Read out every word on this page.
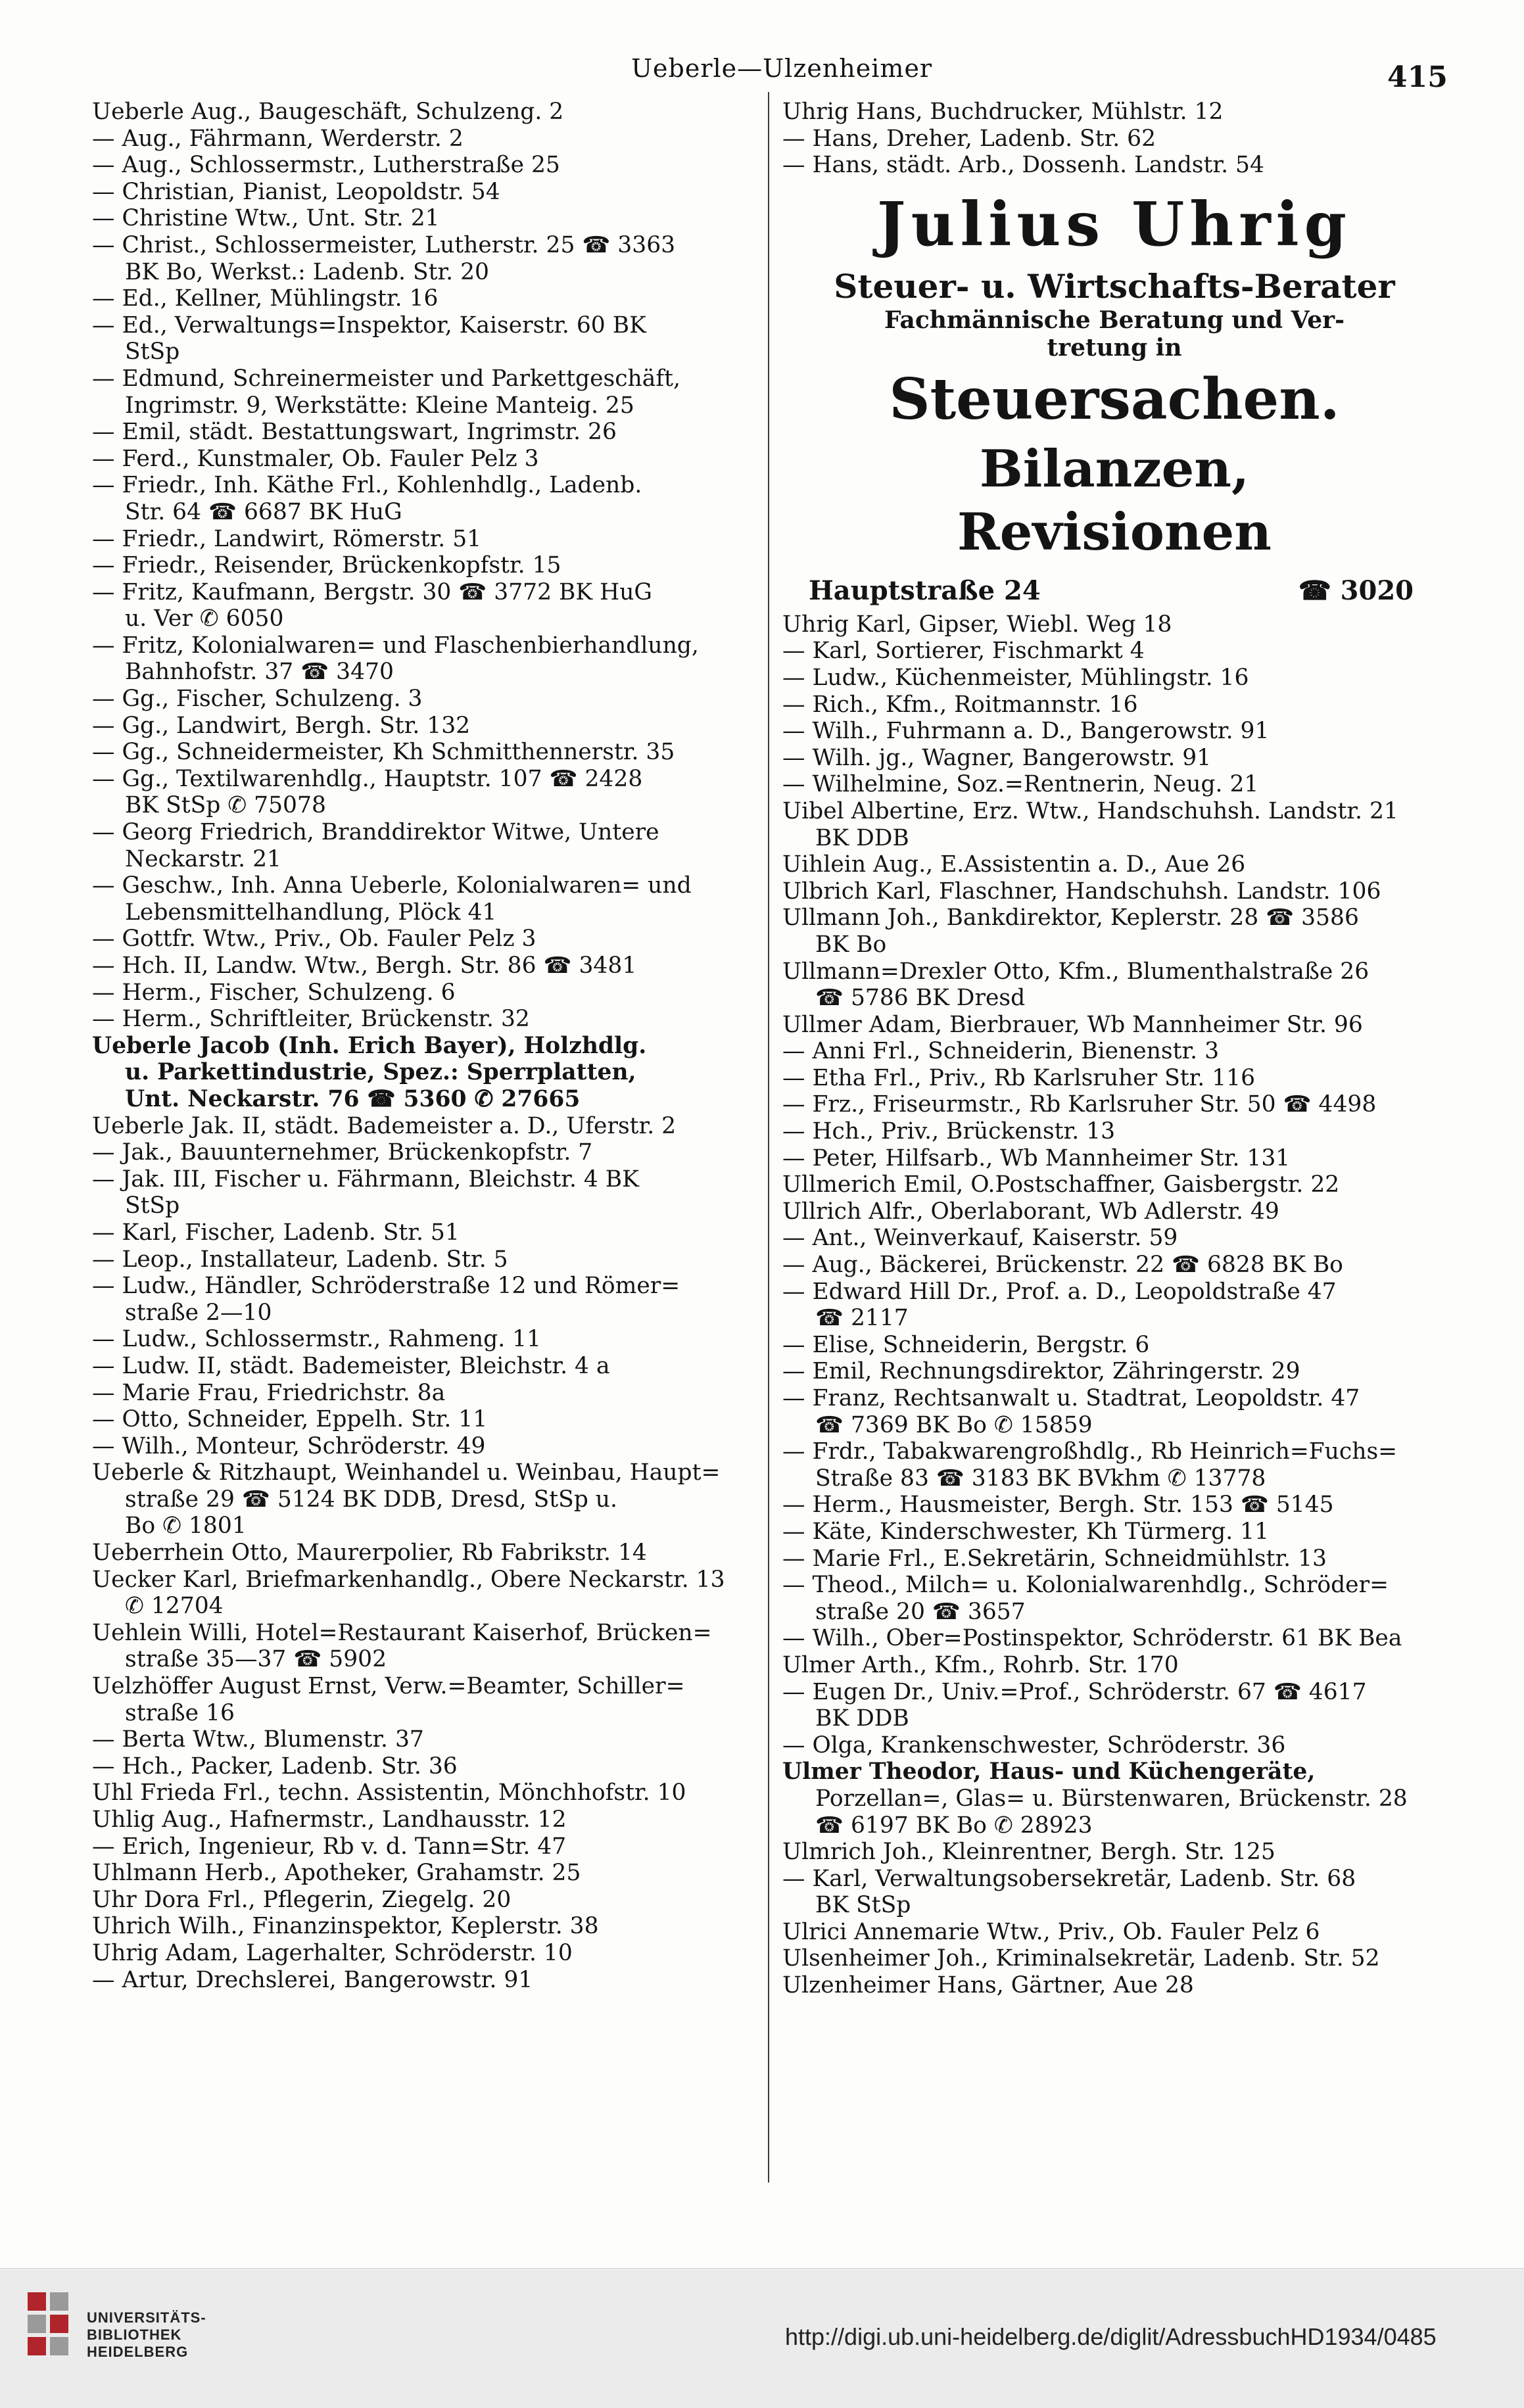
Ueberle—Ulzenheimer	415
Ueberle Aug., Baugeschäft, Schulzeng. 2
— Aug., Fährmann, Werderstr. 2
— Aug., Schlossermstr., Lutherstraße 25
— Christian, Pianist, Leopoldstr. 54
— Christine Wtw., Unt. Str. 21
— Christ., Schlossermeister, Lutherstr. 25 ☎ 3363
BK Bo, Werkst.: Ladenb. Str. 20
— Ed., Kellner, Mühlingstr. 16
— Ed., Verwaltungs=Inspektor, Kaiserstr. 60 BK
StSp
— Edmund, Schreinermeister und Parkettgeschäft,
Ingrimstr. 9, Werkstätte: Kleine Manteig. 25
— Emil, städt. Bestattungswart, Ingrimstr. 26
— Ferd., Kunstmaler, Ob. Fauler Pelz 3
— Friedr., Inh. Käthe Frl., Kohlenhdlg., Ladenb.
Str. 64 ☎ 6687 BK HuG
— Friedr., Landwirt, Römerstr. 51
— Friedr., Reisender, Brückenkopfstr. 15
— Fritz, Kaufmann, Bergstr. 30 ☎ 3772 BK HuG
u. Ver ✆ 6050
— Fritz, Kolonialwaren= und Flaschenbierhandlung,
Bahnhofstr. 37 ☎ 3470
— Gg., Fischer, Schulzeng. 3
— Gg., Landwirt, Bergh. Str. 132
— Gg., Schneidermeister, Kh Schmitthennerstr. 35
— Gg., Textilwarenhdlg., Hauptstr. 107 ☎ 2428
BK StSp ✆ 75078
— Georg Friedrich, Branddirektor Witwe, Untere
Neckarstr. 21
— Geschw., Inh. Anna Ueberle, Kolonialwaren= und
Lebensmittelhandlung, Plöck 41
— Gottfr. Wtw., Priv., Ob. Fauler Pelz 3
— Hch. II, Landw. Wtw., Bergh. Str. 86 ☎ 3481
— Herm., Fischer, Schulzeng. 6
— Herm., Schriftleiter, Brückenstr. 32
Ueberle Jacob (Inh. Erich Bayer), Holzhdlg.
u. Parkettindustrie, Spez.: Sperrplatten,
Unt. Neckarstr. 76 ☎ 5360 ✆ 27665
Ueberle Jak. II, städt. Bademeister a. D., Uferstr. 2
— Jak., Bauunternehmer, Brückenkopfstr. 7
— Jak. III, Fischer u. Fährmann, Bleichstr. 4 BK
StSp
— Karl, Fischer, Ladenb. Str. 51
— Leop., Installateur, Ladenb. Str. 5
— Ludw., Händler, Schröderstraße 12 und Römer=
straße 2—10
— Ludw., Schlossermstr., Rahmeng. 11
— Ludw. II, städt. Bademeister, Bleichstr. 4 a
— Marie Frau, Friedrichstr. 8a
— Otto, Schneider, Eppelh. Str. 11
— Wilh., Monteur, Schröderstr. 49
Ueberle & Ritzhaupt, Weinhandel u. Weinbau, Haupt=
straße 29 ☎ 5124 BK DDB, Dresd, StSp u.
Bo ✆ 1801
Ueberrhein Otto, Maurerpolier, Rb Fabrikstr. 14
Uecker Karl, Briefmarkenhandlg., Obere Neckarstr. 13
✆ 12704
Uehlein Willi, Hotel=Restaurant Kaiserhof, Brücken=
straße 35—37 ☎ 5902
Uelzhöffer August Ernst, Verw.=Beamter, Schiller=
straße 16
— Berta Wtw., Blumenstr. 37
— Hch., Packer, Ladenb. Str. 36
Uhl Frieda Frl., techn. Assistentin, Mönchhofstr. 10
Uhlig Aug., Hafnermstr., Landhausstr. 12
— Erich, Ingenieur, Rb v. d. Tann=Str. 47
Uhlmann Herb., Apotheker, Grahamstr. 25
Uhr Dora Frl., Pflegerin, Ziegelg. 20
Uhrich Wilh., Finanzinspektor, Keplerstr. 38
Uhrig Adam, Lagerhalter, Schröderstr. 10
— Artur, Drechslerei, Bangerowstr. 91
Uhrig Hans, Buchdrucker, Mühlstr. 12
— Hans, Dreher, Ladenb. Str. 62
— Hans, städt. Arb., Dossenh. Landstr. 54
Julius Uhrig
Steuer- u. Wirtschafts-Berater
Fachmännische Beratung und Ver-
tretung in
Steuersachen.
Bilanzen,
Revisionen
Hauptstraße 24	☎ 3020
Uhrig Karl, Gipser, Wiebl. Weg 18
— Karl, Sortierer, Fischmarkt 4
— Ludw., Küchenmeister, Mühlingstr. 16
— Rich., Kfm., Roitmannstr. 16
— Wilh., Fuhrmann a. D., Bangerowstr. 91
— Wilh. jg., Wagner, Bangerowstr. 91
— Wilhelmine, Soz.=Rentnerin, Neug. 21
Uibel Albertine, Erz. Wtw., Handschuhsh. Landstr. 21
BK DDB
Uihlein Aug., E.Assistentin a. D., Aue 26
Ulbrich Karl, Flaschner, Handschuhsh. Landstr. 106
Ullmann Joh., Bankdirektor, Keplerstr. 28 ☎ 3586
BK Bo
Ullmann=Drexler Otto, Kfm., Blumenthalstraße 26
☎ 5786 BK Dresd
Ullmer Adam, Bierbrauer, Wb Mannheimer Str. 96
— Anni Frl., Schneiderin, Bienenstr. 3
— Etha Frl., Priv., Rb Karlsruher Str. 116
— Frz., Friseurmstr., Rb Karlsruher Str. 50 ☎ 4498
— Hch., Priv., Brückenstr. 13
— Peter, Hilfsarb., Wb Mannheimer Str. 131
Ullmerich Emil, O.Postschaffner, Gaisbergstr. 22
Ullrich Alfr., Oberlaborant, Wb Adlerstr. 49
— Ant., Weinverkauf, Kaiserstr. 59
— Aug., Bäckerei, Brückenstr. 22 ☎ 6828 BK Bo
— Edward Hill Dr., Prof. a. D., Leopoldstraße 47
☎ 2117
— Elise, Schneiderin, Bergstr. 6
— Emil, Rechnungsdirektor, Zähringerstr. 29
— Franz, Rechtsanwalt u. Stadtrat, Leopoldstr. 47
☎ 7369 BK Bo ✆ 15859
— Frdr., Tabakwarengroßhdlg., Rb Heinrich=Fuchs=
Straße 83 ☎ 3183 BK BVkhm ✆ 13778
— Herm., Hausmeister, Bergh. Str. 153 ☎ 5145
— Käte, Kinderschwester, Kh Türmerg. 11
— Marie Frl., E.Sekretärin, Schneidmühlstr. 13
— Theod., Milch= u. Kolonialwarenhdlg., Schröder=
straße 20 ☎ 3657
— Wilh., Ober=Postinspektor, Schröderstr. 61 BK Bea
Ulmer Arth., Kfm., Rohrb. Str. 170
— Eugen Dr., Univ.=Prof., Schröderstr. 67 ☎ 4617
BK DDB
— Olga, Krankenschwester, Schröderstr. 36
Ulmer Theodor, Haus- und Küchengeräte,
Porzellan=, Glas= u. Bürstenwaren, Brückenstr. 28
☎ 6197 BK Bo ✆ 28923
Ulmrich Joh., Kleinrentner, Bergh. Str. 125
— Karl, Verwaltungsobersekretär, Ladenb. Str. 68
BK StSp
Ulrici Annemarie Wtw., Priv., Ob. Fauler Pelz 6
Ulsenheimer Joh., Kriminalsekretär, Ladenb. Str. 52
Ulzenheimer Hans, Gärtner, Aue 28
UNIVERSITÄTS-
BIBLIOTHEK
HEIDELBERG
http://digi.ub.uni-heidelberg.de/diglit/AdressbuchHD1934/0485
